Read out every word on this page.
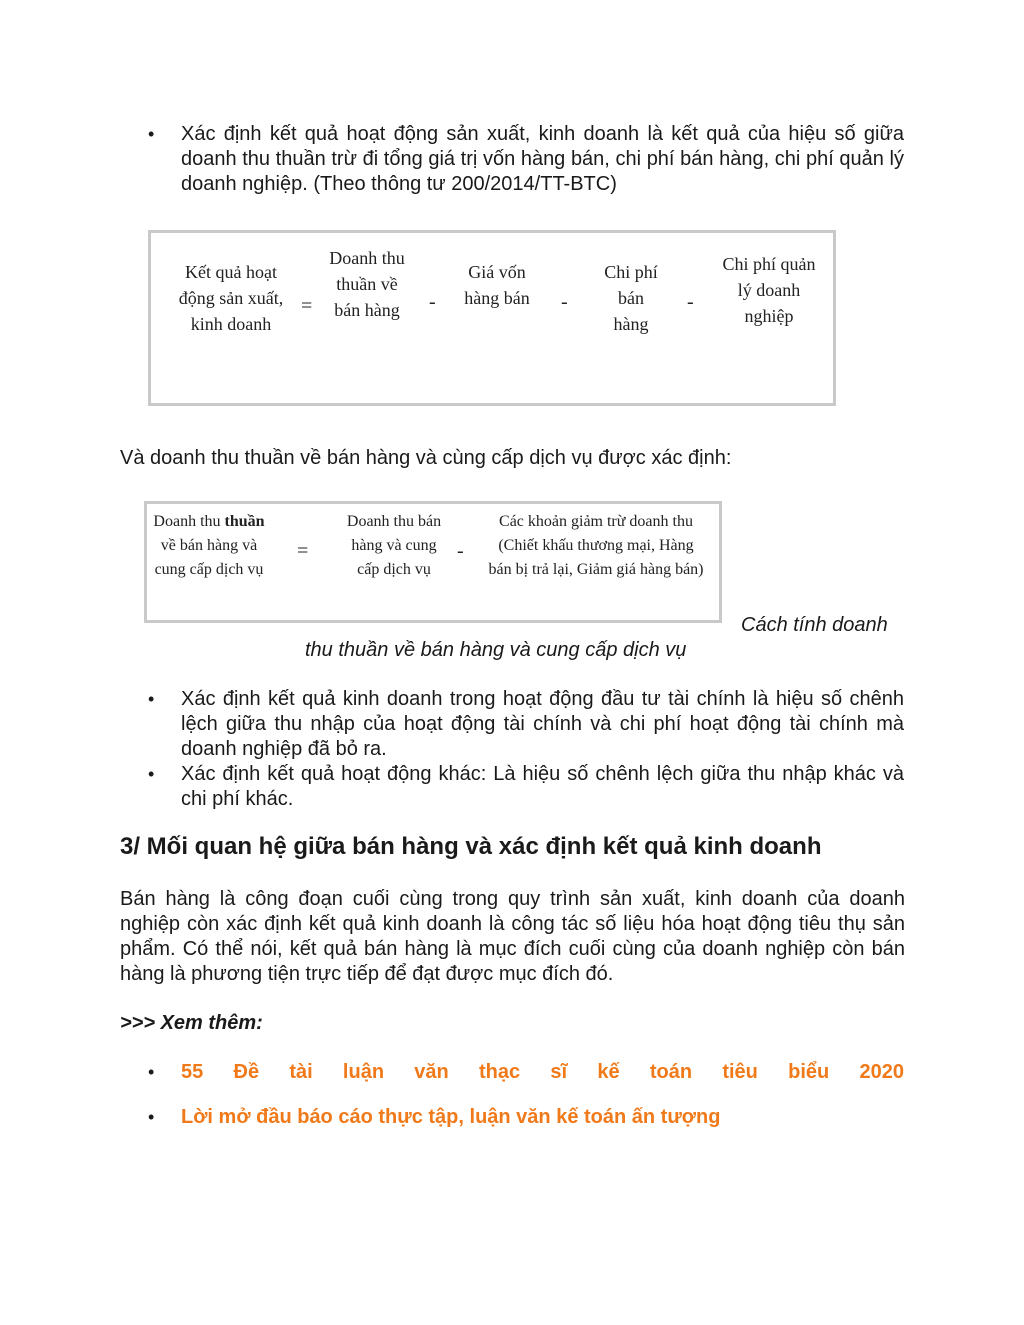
• Xác định kết quả hoạt động sản xuất, kinh doanh là kết quả của hiệu số giữa doanh thu thuần trừ đi tổng giá trị vốn hàng bán, chi phí bán hàng, chi phí quản lý doanh nghiệp. (Theo thông tư 200/2014/TT-BTC)
Kết quả hoạt động sản xuất, kinh doanh
=
Doanh thu thuần về bán hàng	-
Giá vốn hàng bán -
Chi phí bán hàng
-
Chi phí quản lý doanh nghiệp

Và doanh thu thuần về bán hàng và cùng cấp dịch vụ được xác định:

Doanh thu thuần về bán hàng và cung cấp dịch vụ
=
Doanh thu bán hàng và cung cấp dịch vụ
-
Các khoản giảm trừ doanh thu (Chiết khấu thương mại, Hàng bán bị trả lại, Giảm giá hàng bán)

Cách tính doanh

thu thuần về bán hàng và cung cấp dịch vụ

• Xác định kết quả kinh doanh trong hoạt động đầu tư tài chính là hiệu số chênh lệch giữa thu nhập của hoạt động tài chính và chi phí hoạt động tài chính mà doanh nghiệp đã bỏ ra.
• Xác định kết quả hoạt động khác: Là hiệu số chênh lệch giữa thu nhập khác và chi phí khác.
3/ Mối quan hệ giữa bán hàng và xác định kết quả kinh doanh

Bán hàng là công đoạn cuối cùng trong quy trình sản xuất, kinh doanh của doanh nghiệp còn xác định kết quả kinh doanh là công tác số liệu hóa hoạt động tiêu thụ sản phẩm. Có thể nói, kết quả bán hàng là mục đích cuối cùng của doanh nghiệp còn bán hàng là phương tiện trực tiếp để đạt được mục đích đó.

>>> Xem thêm:

• 55 Đề tài luận văn thạc sĩ kế toán tiêu biểu 2020
• Lời mở đầu báo cáo thực tập, luận văn kế toán ấn tượng
